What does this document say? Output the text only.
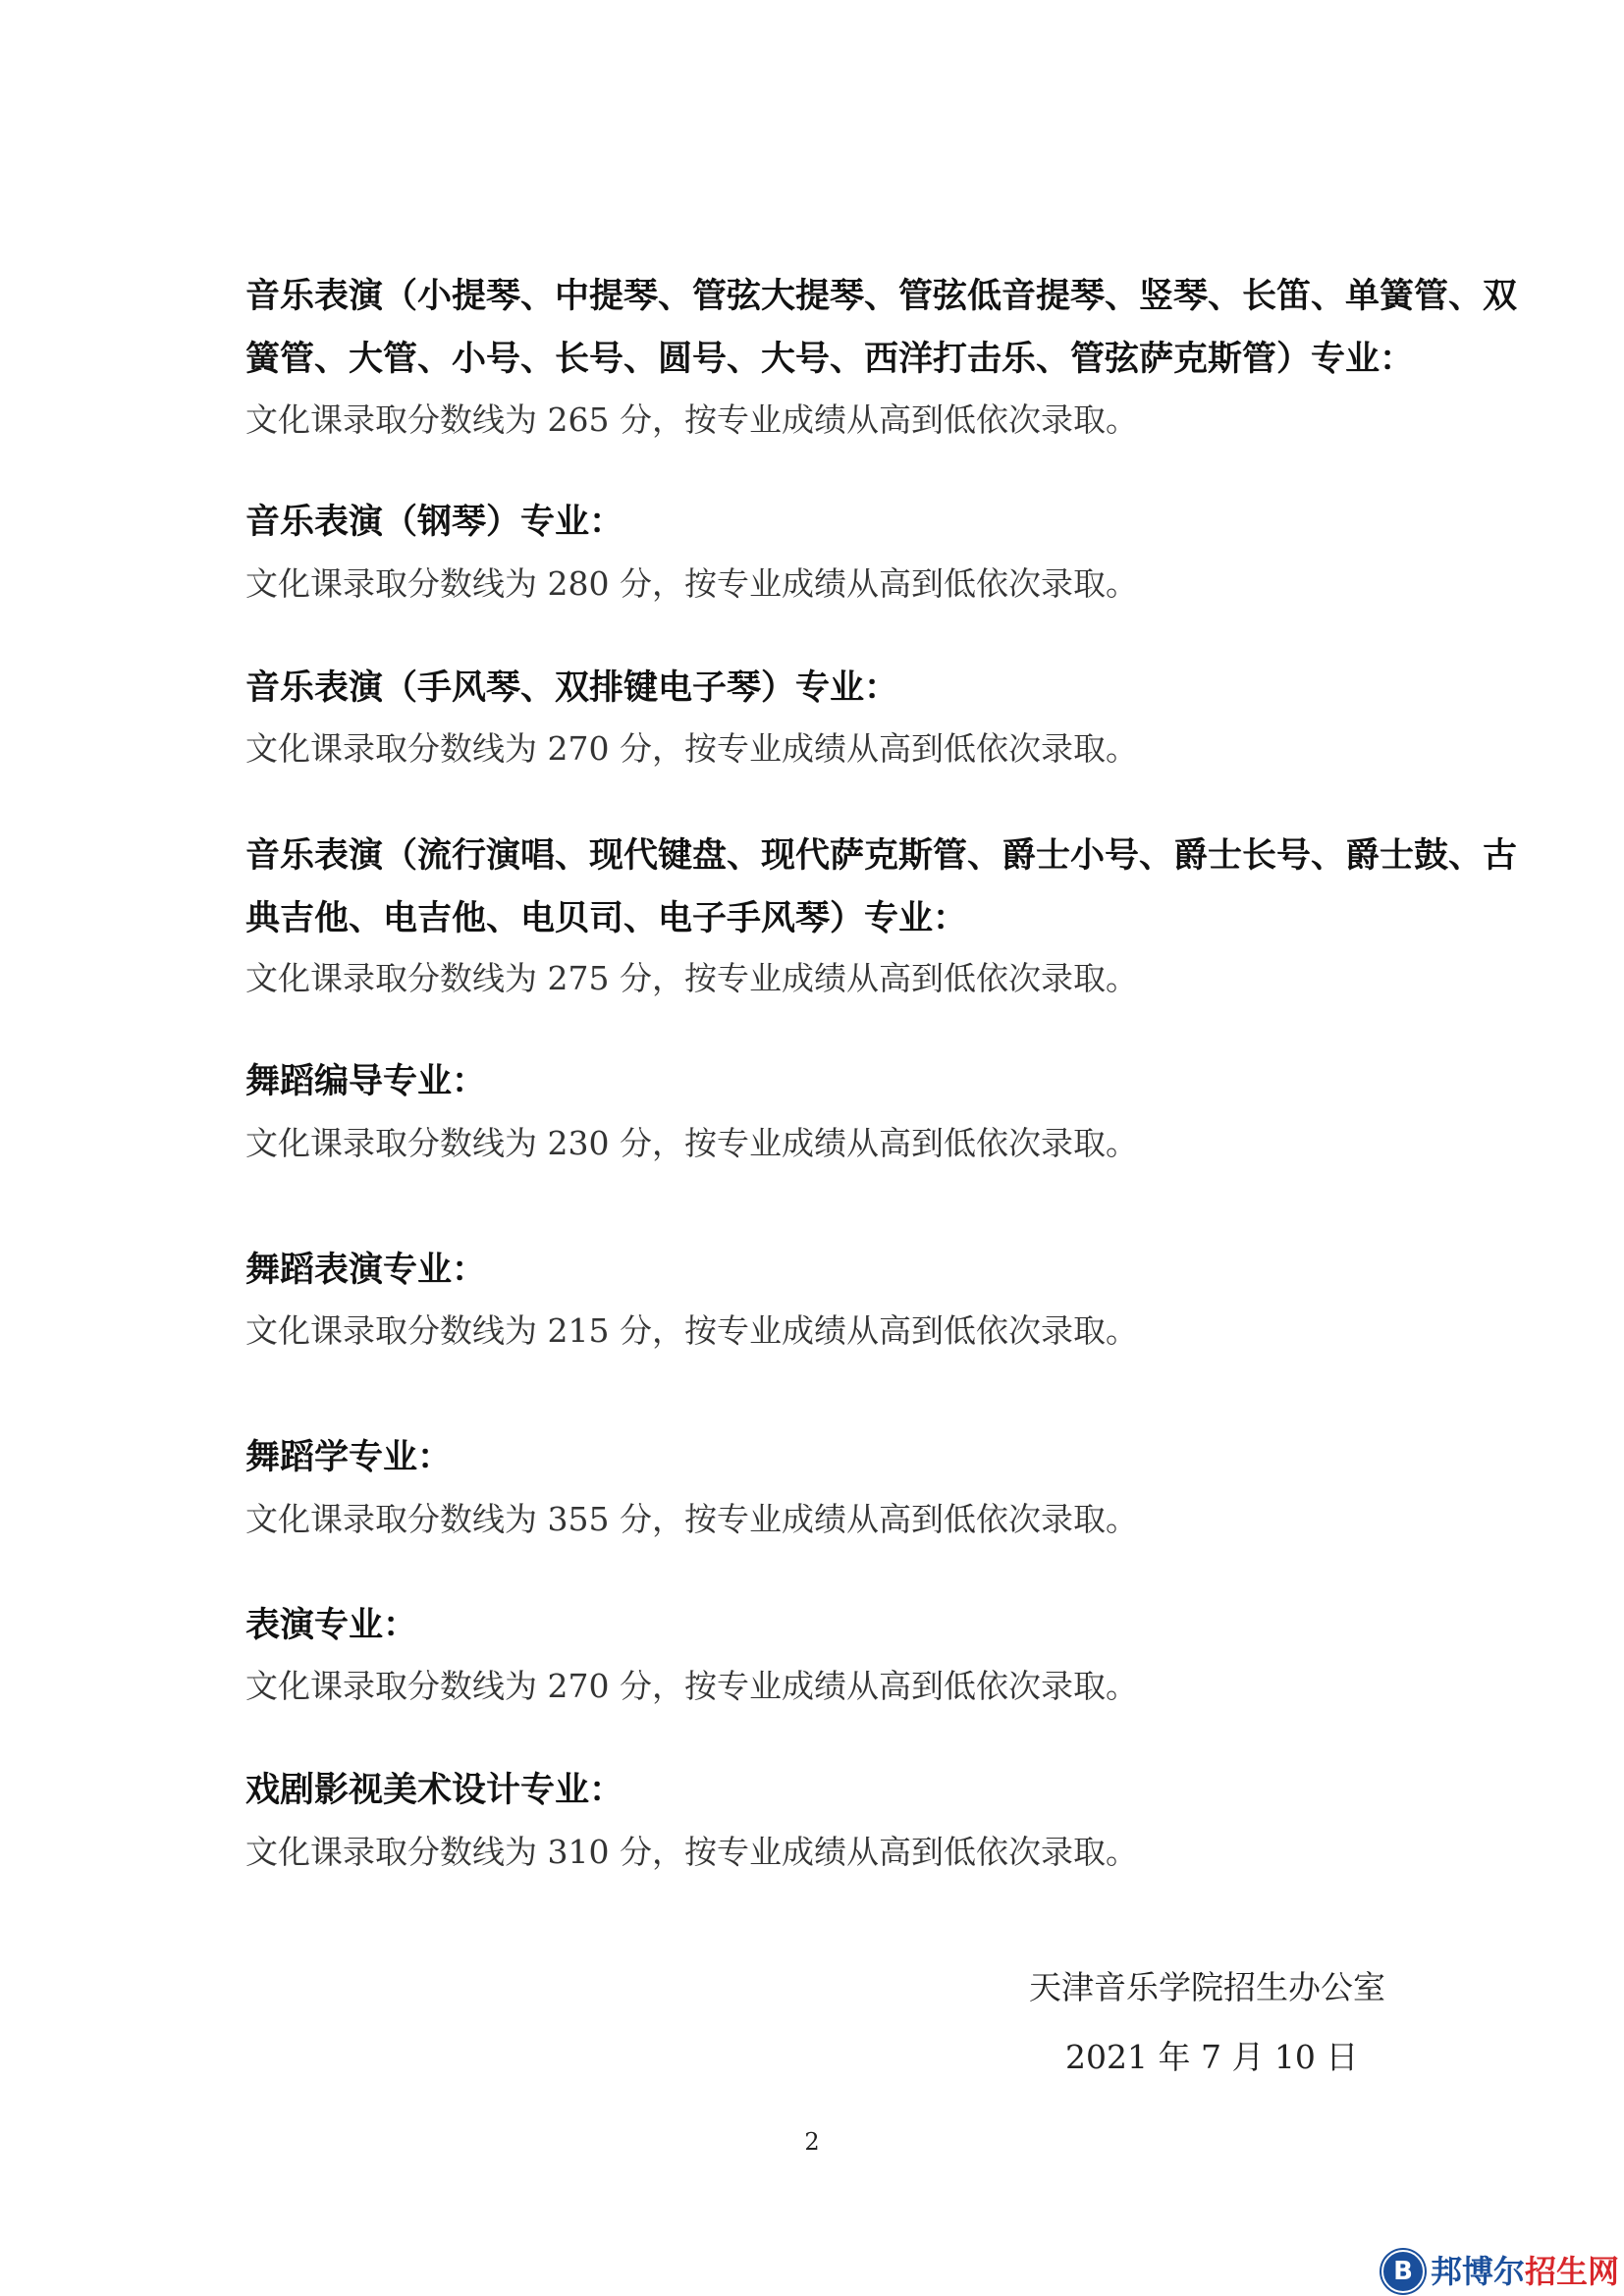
音乐表演（小提琴、中提琴、管弦大提琴、管弦低音提琴、竖琴、长笛、单簧管、双
簧管、大管、小号、长号、圆号、大号、西洋打击乐、管弦萨克斯管）专业：
文化课录取分数线为 265 分，按专业成绩从高到低依次录取。
音乐表演（钢琴）专业：
文化课录取分数线为 280 分，按专业成绩从高到低依次录取。
音乐表演（手风琴、双排键电子琴）专业：
文化课录取分数线为 270 分，按专业成绩从高到低依次录取。
音乐表演（流行演唱、现代键盘、现代萨克斯管、爵士小号、爵士长号、爵士鼓、古
典吉他、电吉他、电贝司、电子手风琴）专业：
文化课录取分数线为 275 分，按专业成绩从高到低依次录取。
舞蹈编导专业：
文化课录取分数线为 230 分，按专业成绩从高到低依次录取。
舞蹈表演专业：
文化课录取分数线为 215 分，按专业成绩从高到低依次录取。
舞蹈学专业：
文化课录取分数线为 355 分，按专业成绩从高到低依次录取。
表演专业：
文化课录取分数线为 270 分，按专业成绩从高到低依次录取。
戏剧影视美术设计专业：
文化课录取分数线为 310 分，按专业成绩从高到低依次录取。
天津音乐学院招生办公室
2021 年 7 月 10 日
2
B 邦博尔招生网
